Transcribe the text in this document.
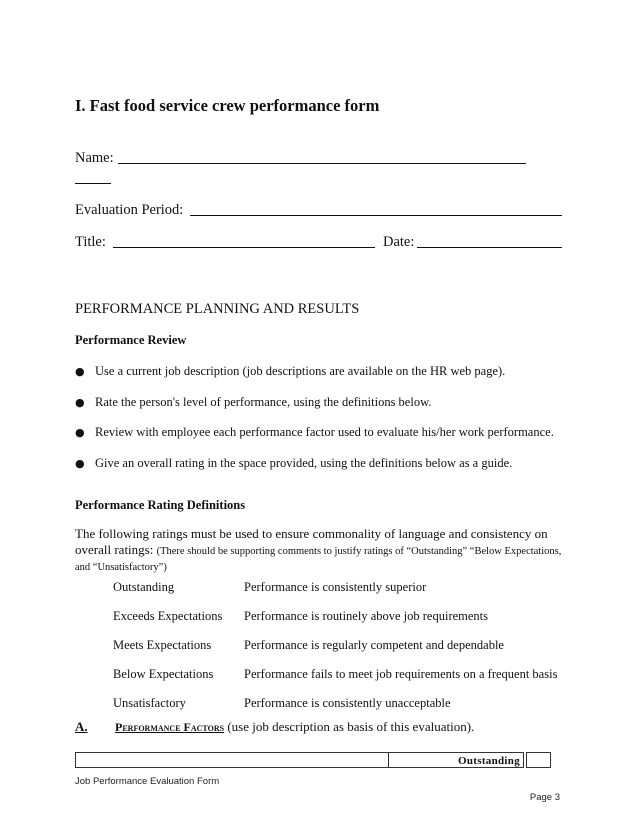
I. Fast food service crew performance form
Name:
Evaluation Period:
Title:	Date:
PERFORMANCE PLANNING AND RESULTS
Performance Review
● Use a current job description (job descriptions are available on the HR web page).
● Rate the person's level of performance, using the definitions below.
● Review with employee each performance factor used to evaluate his/her work performance.
● Give an overall rating in the space provided, using the definitions below as a guide.
Performance Rating Definitions
The following ratings must be used to ensure commonality of language and consistency on
overall ratings: (There should be supporting comments to justify ratings of “Outstanding” “Below Expectations,
and “Unsatisfactory”)
Outstanding	Performance is consistently superior
Exceeds Expectations Performance is routinely above job requirements
Meets Expectations	Performance is regularly competent and dependable
Below Expectations Performance fails to meet job requirements on a frequent basis
Unsatisfactory	Performance is consistently unacceptable
A. Performance Factors (use job description as basis of this evaluation).
Outstanding
Job Performance Evaluation Form
Page 3
